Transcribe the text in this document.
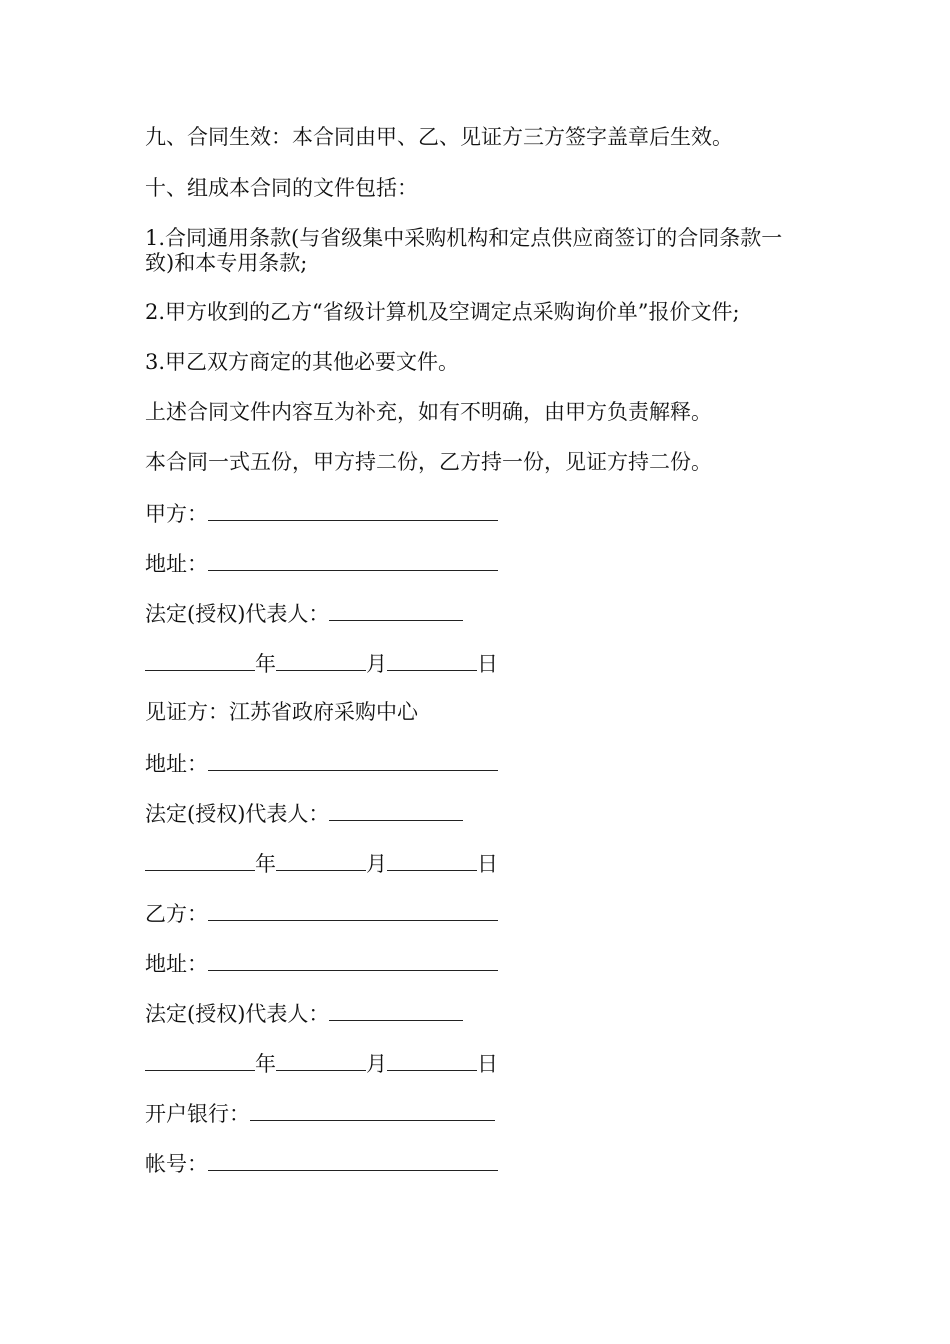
九、合同生效：本合同由甲、乙、见证方三方签字盖章后生效。
十、组成本合同的文件包括：
1.合同通用条款(与省级集中采购机构和定点供应商签订的合同条款一致)和本专用条款;
2.甲方收到的乙方“省级计算机及空调定点采购询价单”报价文件;
3.甲乙双方商定的其他必要文件。
上述合同文件内容互为补充，如有不明确，由甲方负责解释。
本合同一式五份，甲方持二份，乙方持一份，见证方持二份。
甲方：
地址：
法定(授权)代表人：
年	月	日
见证方：江苏省政府采购中心
地址：
法定(授权)代表人：
年	月	日
乙方：
地址：
法定(授权)代表人：
年	月	日
开户银行：
帐号：
